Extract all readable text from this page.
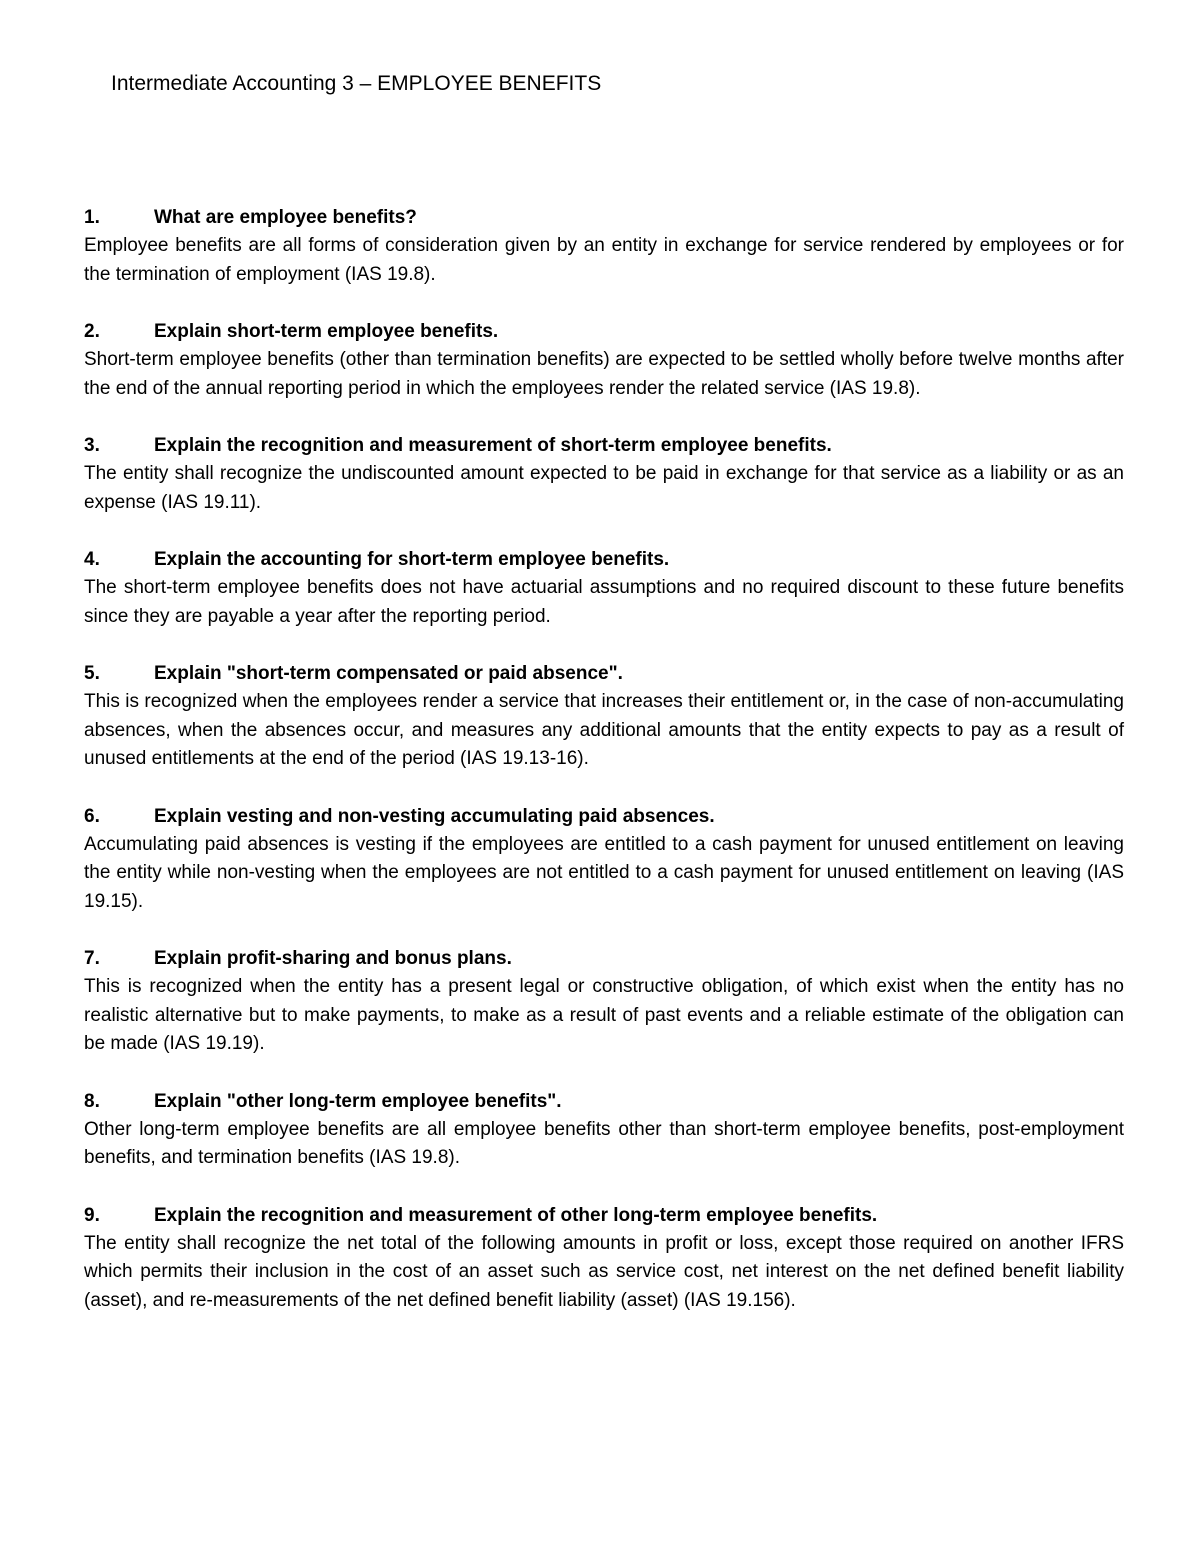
Intermediate Accounting 3 – EMPLOYEE BENEFITS
1.	What are employee benefits?

Employee benefits are all forms of consideration given by an entity in exchange for service rendered by employees or for the termination of employment (IAS 19.8).

2.	Explain short-term employee benefits.

Short-term employee benefits (other than termination benefits) are expected to be settled wholly before twelve months after the end of the annual reporting period in which the employees render the related service (IAS 19.8).

3.	Explain the recognition and measurement of short-term employee benefits.

The entity shall recognize the undiscounted amount expected to be paid in exchange for that service as a liability or as an expense (IAS 19.11).

4.	Explain the accounting for short-term employee benefits.

The short-term employee benefits does not have actuarial assumptions and no required discount to these future benefits since they are payable a year after the reporting period.

5.	Explain "short-term compensated or paid absence".

This is recognized when the employees render a service that increases their entitlement or, in the case of non-accumulating absences, when the absences occur, and measures any additional amounts that the entity expects to pay as a result of unused entitlements at the end of the period (IAS 19.13-16).

6.	Explain vesting and non-vesting accumulating paid absences.

Accumulating paid absences is vesting if the employees are entitled to a cash payment for unused entitlement on leaving the entity while non-vesting when the employees are not entitled to a cash payment for unused entitlement on leaving (IAS 19.15).

7.	Explain profit-sharing and bonus plans.

This is recognized when the entity has a present legal or constructive obligation, of which exist when the entity has no realistic alternative but to make payments, to make as a result of past events and a reliable estimate of the obligation can be made (IAS 19.19).

8.	Explain "other long-term employee benefits".

Other long-term employee benefits are all employee benefits other than short-term employee benefits, post-employment benefits, and termination benefits (IAS 19.8).

9.	Explain the recognition and measurement of other long-term employee benefits.

The entity shall recognize the net total of the following amounts in profit or loss, except those required on another IFRS which permits their inclusion in the cost of an asset such as service cost, net interest on the net defined benefit liability (asset), and re-measurements of the net defined benefit liability (asset) (IAS 19.156).
